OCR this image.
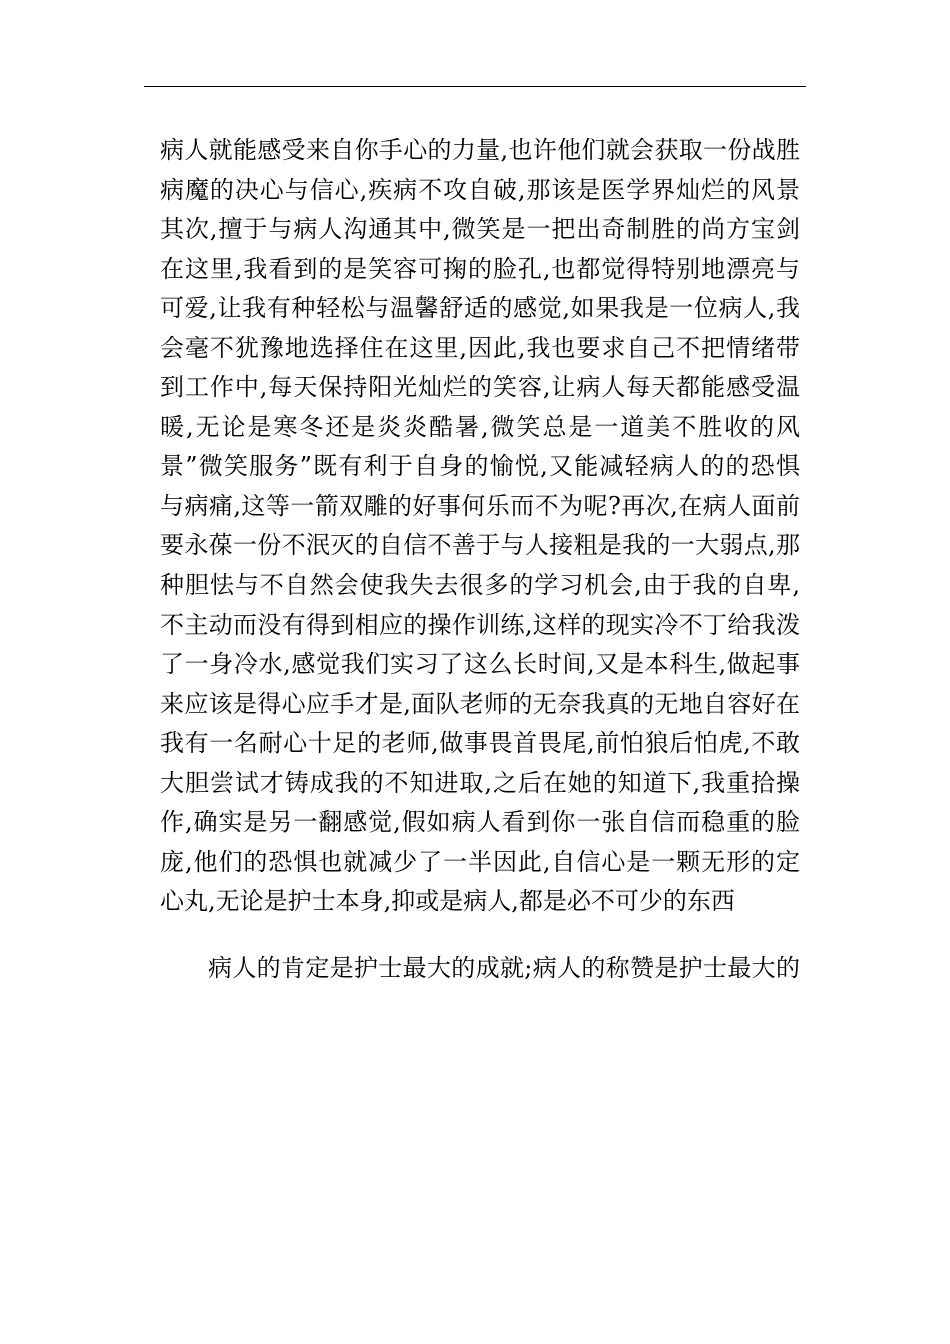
病人就能感受来自你手心的力量,也许他们就会获取一份战胜
病魔的决心与信心,疾病不攻自破,那该是医学界灿烂的风景
其次,擅于与病人沟通其中,微笑是一把出奇制胜的尚方宝剑
在这里,我看到的是笑容可掬的脸孔,也都觉得特别地漂亮与
可爱,让我有种轻松与温馨舒适的感觉,如果我是一位病人,我
会毫不犹豫地选择住在这里,因此,我也要求自己不把情绪带
到工作中,每天保持阳光灿烂的笑容,让病人每天都能感受温
暖,无论是寒冬还是炎炎酷暑,微笑总是一道美不胜收的风
景”微笑服务”既有利于自身的愉悦,又能减轻病人的的恐惧
与病痛,这等一箭双雕的好事何乐而不为呢?再次,在病人面前
要永葆一份不泯灭的自信不善于与人接粗是我的一大弱点,那
种胆怯与不自然会使我失去很多的学习机会,由于我的自卑,
不主动而没有得到相应的操作训练,这样的现实冷不丁给我泼
了一身冷水,感觉我们实习了这么长时间,又是本科生,做起事
来应该是得心应手才是,面队老师的无奈我真的无地自容好在
我有一名耐心十足的老师,做事畏首畏尾,前怕狼后怕虎,不敢
大胆尝试才铸成我的不知进取,之后在她的知道下,我重拾操
作,确实是另一翻感觉,假如病人看到你一张自信而稳重的脸
庞,他们的恐惧也就减少了一半因此,自信心是一颗无形的定
心丸,无论是护士本身,抑或是病人,都是必不可少的东西
病人的肯定是护士最大的成就;病人的称赞是护士最大的
